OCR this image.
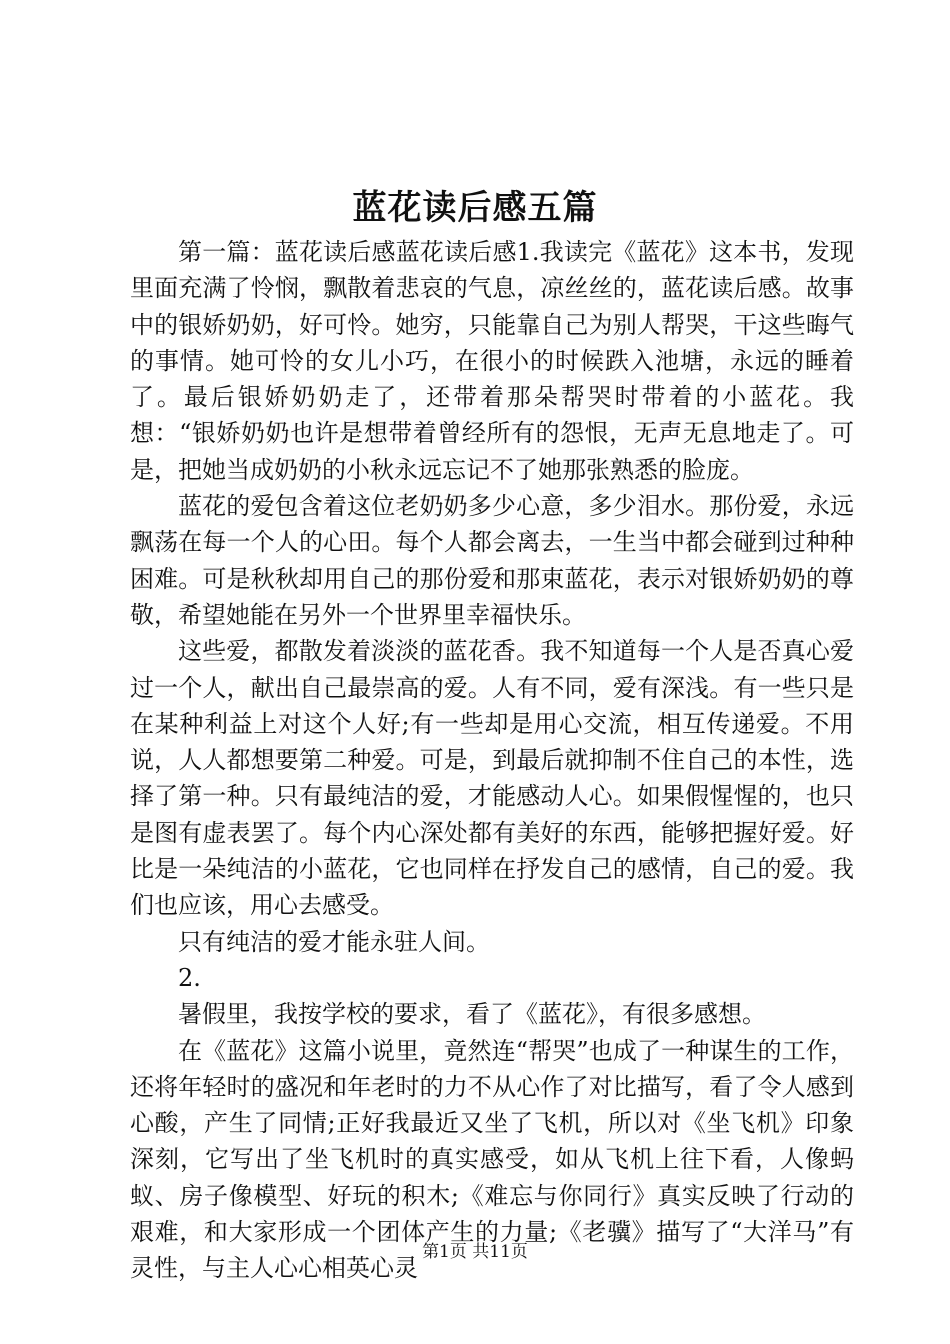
蓝花读后感五篇

第一篇：蓝花读后感蓝花读后感1.我读完《蓝花》这本书，发现里面充满了怜悯，飘散着悲哀的气息，凉丝丝的，蓝花读后感。故事中的银娇奶奶，好可怜。她穷，只能靠自己为别人帮哭，干这些晦气的事情。她可怜的女儿小巧，在很小的时候跌入池塘，永远的睡着了。最后银娇奶奶走了，还带着那朵帮哭时带着的小蓝花。我想：“银娇奶奶也许是想带着曾经所有的怨恨，无声无息地走了。可是，把她当成奶奶的小秋永远忘记不了她那张熟悉的脸庞。

蓝花的爱包含着这位老奶奶多少心意，多少泪水。那份爱，永远飘荡在每一个人的心田。每个人都会离去，一生当中都会碰到过种种困难。可是秋秋却用自己的那份爱和那束蓝花，表示对银娇奶奶的尊敬，希望她能在另外一个世界里幸福快乐。

这些爱，都散发着淡淡的蓝花香。我不知道每一个人是否真心爱过一个人，献出自己最崇高的爱。人有不同，爱有深浅。有一些只是在某种利益上对这个人好;有一些却是用心交流，相互传递爱。不用说，人人都想要第二种爱。可是，到最后就抑制不住自己的本性，选择了第一种。只有最纯洁的爱，才能感动人心。如果假惺惺的，也只是图有虚表罢了。每个内心深处都有美好的东西，能够把握好爱。好比是一朵纯洁的小蓝花，它也同样在抒发自己的感情，自己的爱。我们也应该，用心去感受。

只有纯洁的爱才能永驻人间。

2.

暑假里，我按学校的要求，看了《蓝花》，有很多感想。

在《蓝花》这篇小说里，竟然连“帮哭”也成了一种谋生的工作，还将年轻时的盛况和年老时的力不从心作了对比描写，看了令人感到心酸，产生了同情;正好我最近又坐了飞机，所以对《坐飞机》印象深刻，它写出了坐飞机时的真实感受，如从飞机上往下看，人像蚂蚁、房子像模型、好玩的积木;《难忘与你同行》真实反映了行动的艰难，和大家形成一个团体产生的力量;《老骥》描写了“大洋马”有灵性，与主人心心相英心灵

第1页 共11页
